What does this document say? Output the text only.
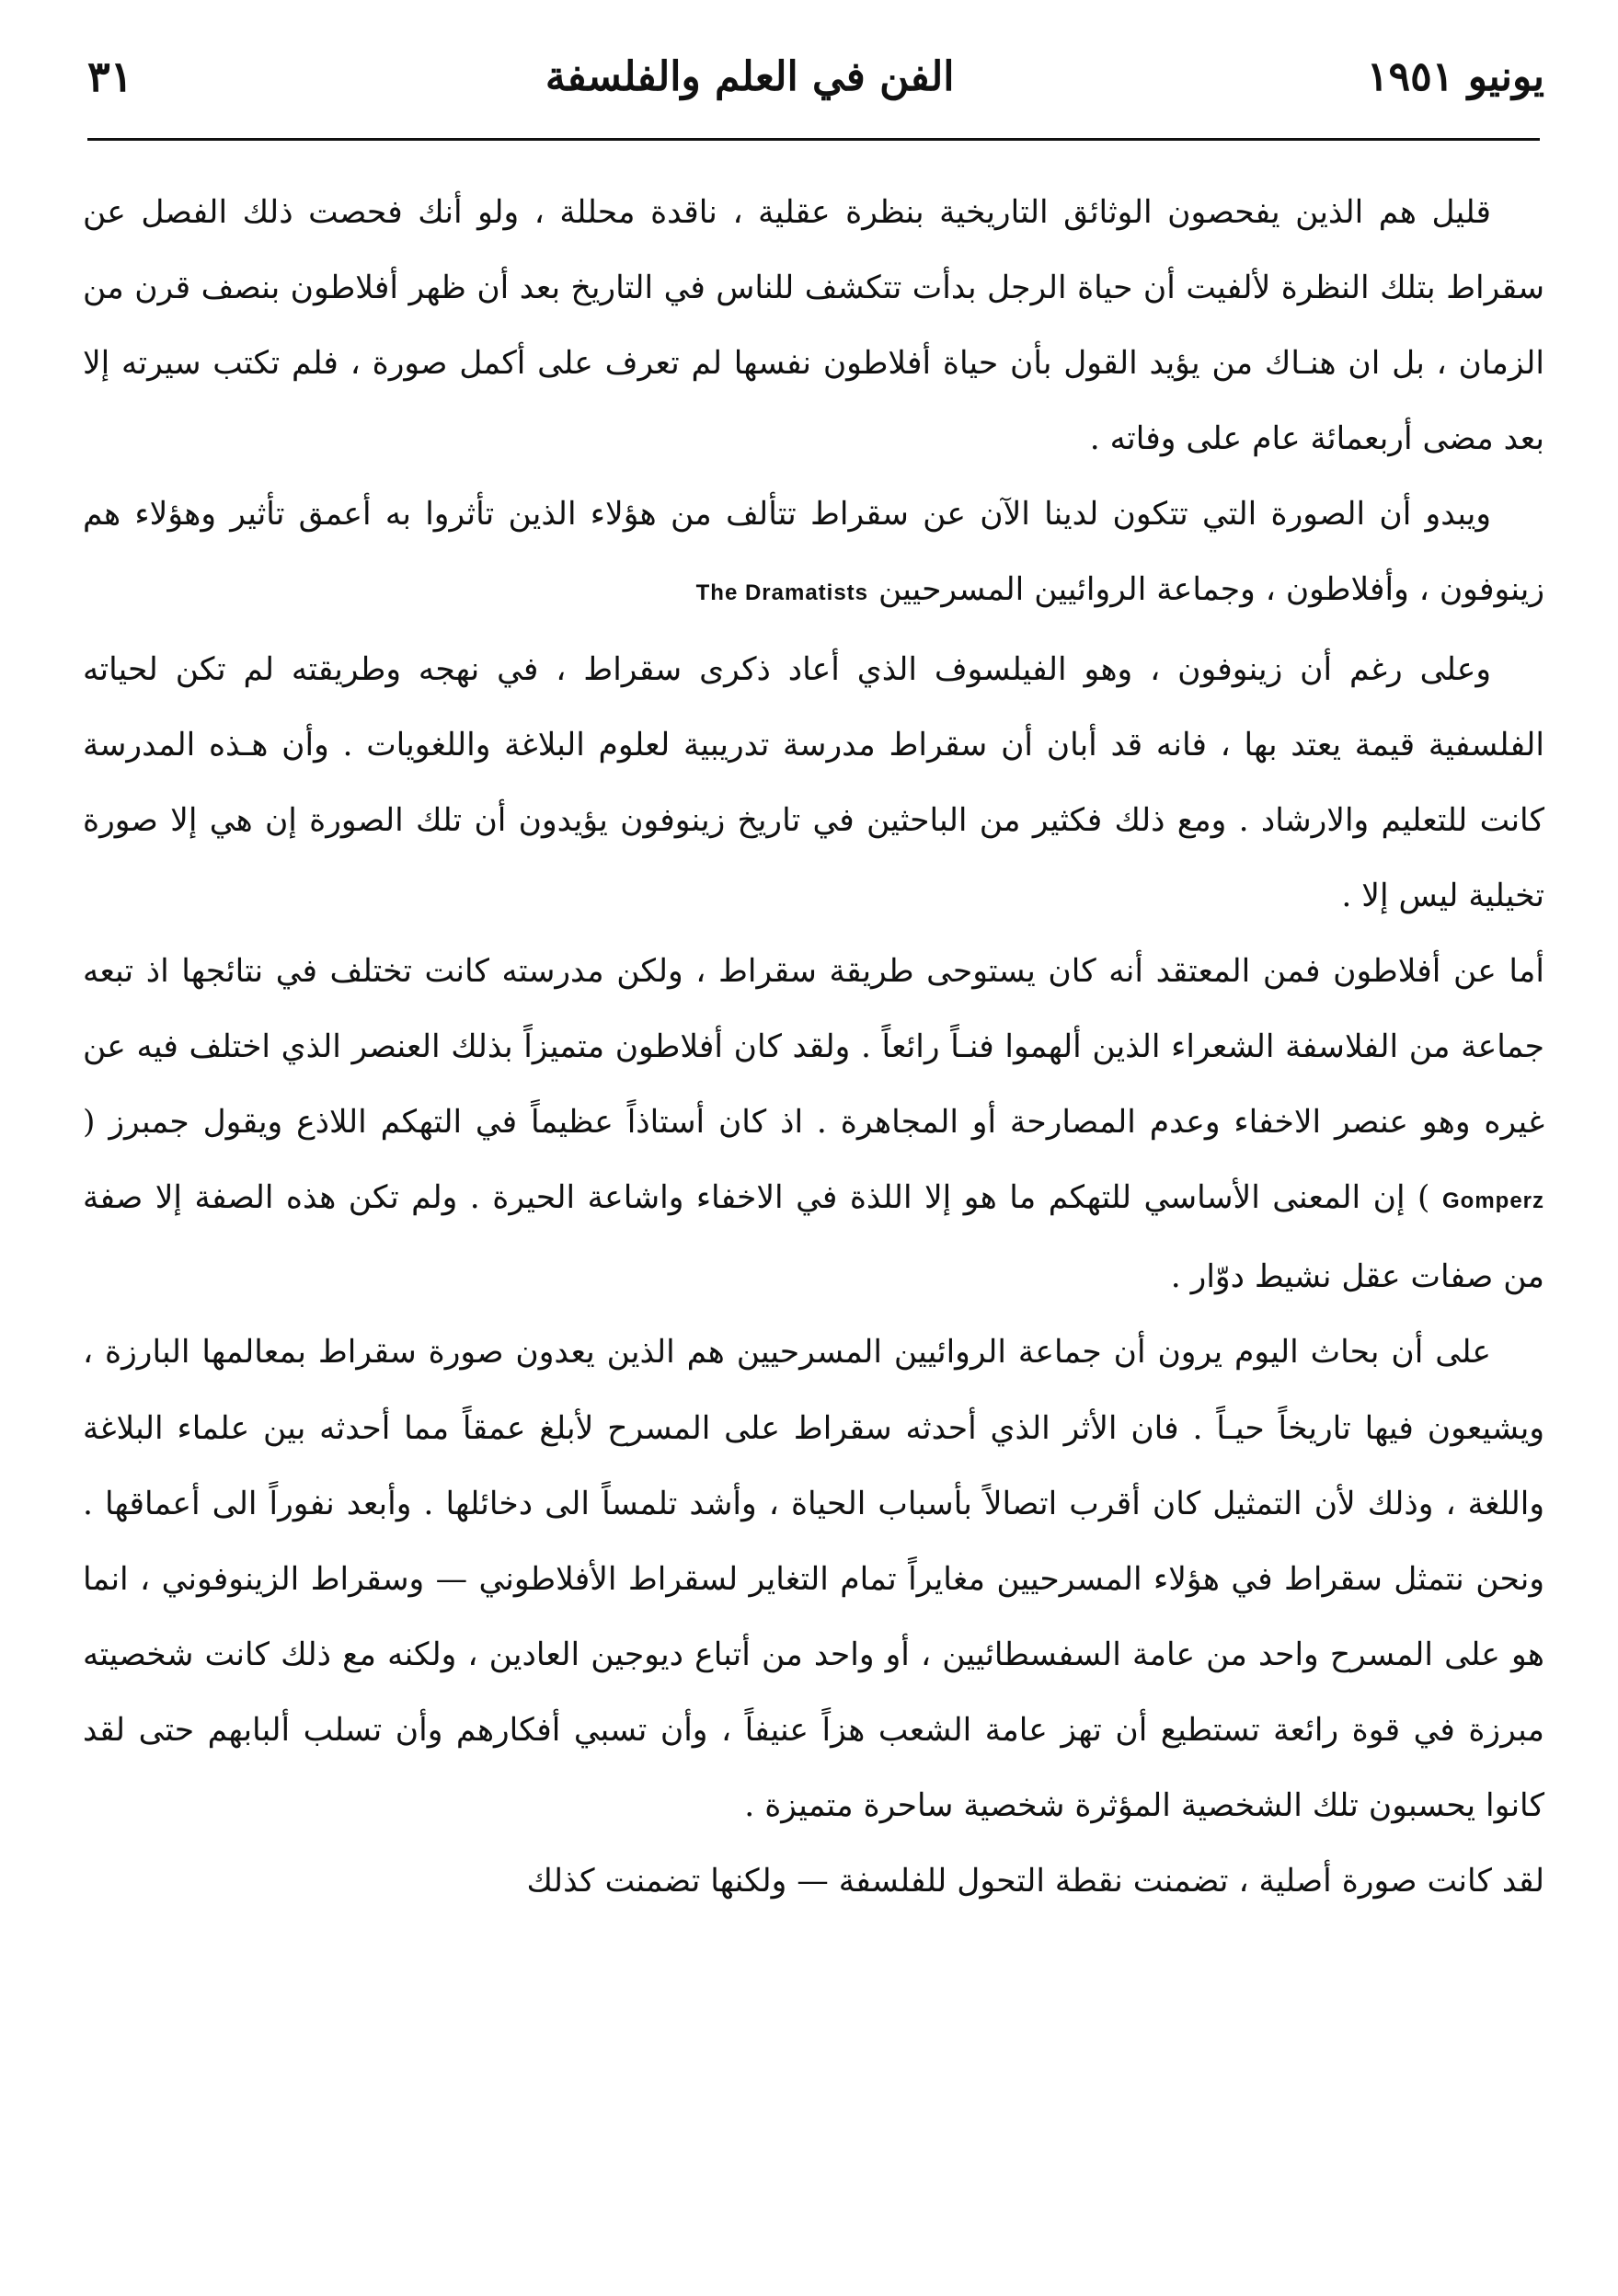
يونيو ١٩٥١
الفن في العلم والفلسفة
٣١

قليل هم الذين يفحصون الوثائق التاريخية بنظرة عقلية ، ناقدة محللة ، ولو أنك فحصت ذلك الفصل عن سقراط بتلك النظرة لألفيت أن حياة الرجل بدأت تتكشف للناس في التاريخ بعد أن ظهر أفلاطون بنصف قرن من الزمان ، بل ان هنـاك من يؤيد القول بأن حياة أفلاطون نفسها لم تعرف على أكمل صورة ، فلم تكتب سيرته إلا بعد مضى أربعمائة عام على وفاته .

ويبدو أن الصورة التي تتكون لدينا الآن عن سقراط تتألف من هؤلاء الذين تأثروا به أعمق تأثير وهؤلاء هم زينوفون ، وأفلاطون ، وجماعة الروائيين المسرحيين The Dramatists

وعلى رغم أن زينوفون ، وهو الفيلسوف الذي أعاد ذكرى سقراط ، في نهجه وطريقته لم تكن لحياته الفلسفية قيمة يعتد بها ، فانه قد أبان أن سقراط مدرسة تدريبية لعلوم البلاغة واللغويات . وأن هـذه المدرسة كانت للتعليم والارشاد . ومع ذلك فكثير من الباحثين في تاريخ زينوفون يؤيدون أن تلك الصورة إن هي إلا صورة تخيلية ليس إلا .

أما عن أفلاطون فمن المعتقد أنه كان يستوحى طريقة سقراط ، ولكن مدرسته كانت تختلف في نتائجها اذ تبعه جماعة من الفلاسفة الشعراء الذين ألهموا فنـاً رائعاً . ولقد كان أفلاطون متميزاً بذلك العنصر الذي اختلف فيه عن غيره وهو عنصر الاخفاء وعدم المصارحة أو المجاهرة . اذ كان أستاذاً عظيماً في التهكم اللاذع ويقول جمبرز ( Gomperz ) إن المعنى الأساسي للتهكم ما هو إلا اللذة في الاخفاء واشاعة الحيرة . ولم تكن هذه الصفة إلا صفة من صفات عقل نشيط دوّار .

على أن بحاث اليوم يرون أن جماعة الروائيين المسرحيين هم الذين يعدون صورة سقراط بمعالمها البارزة ، ويشيعون فيها تاريخاً حيـاً . فان الأثر الذي أحدثه سقراط على المسرح لأبلغ عمقاً مما أحدثه بين علماء البلاغة واللغة ، وذلك لأن التمثيل كان أقرب اتصالاً بأسباب الحياة ، وأشد تلمساً الى دخائلها . وأبعد نفوراً الى أعماقها . ونحن نتمثل سقراط في هؤلاء المسرحيين مغايراً تمام التغاير لسقراط الأفلاطوني — وسقراط الزينوفوني ، انما هو على المسرح واحد من عامة السفسطائيين ، أو واحد من أتباع ديوجين العادين ، ولكنه مع ذلك كانت شخصيته مبرزة في قوة رائعة تستطيع أن تهز عامة الشعب هزاً عنيفاً ، وأن تسبي أفكارهم وأن تسلب ألبابهم حتى لقد كانوا يحسبون تلك الشخصية المؤثرة شخصية ساحرة متميزة .

لقد كانت صورة أصلية ، تضمنت نقطة التحول للفلسفة — ولكنها تضمنت كذلك
